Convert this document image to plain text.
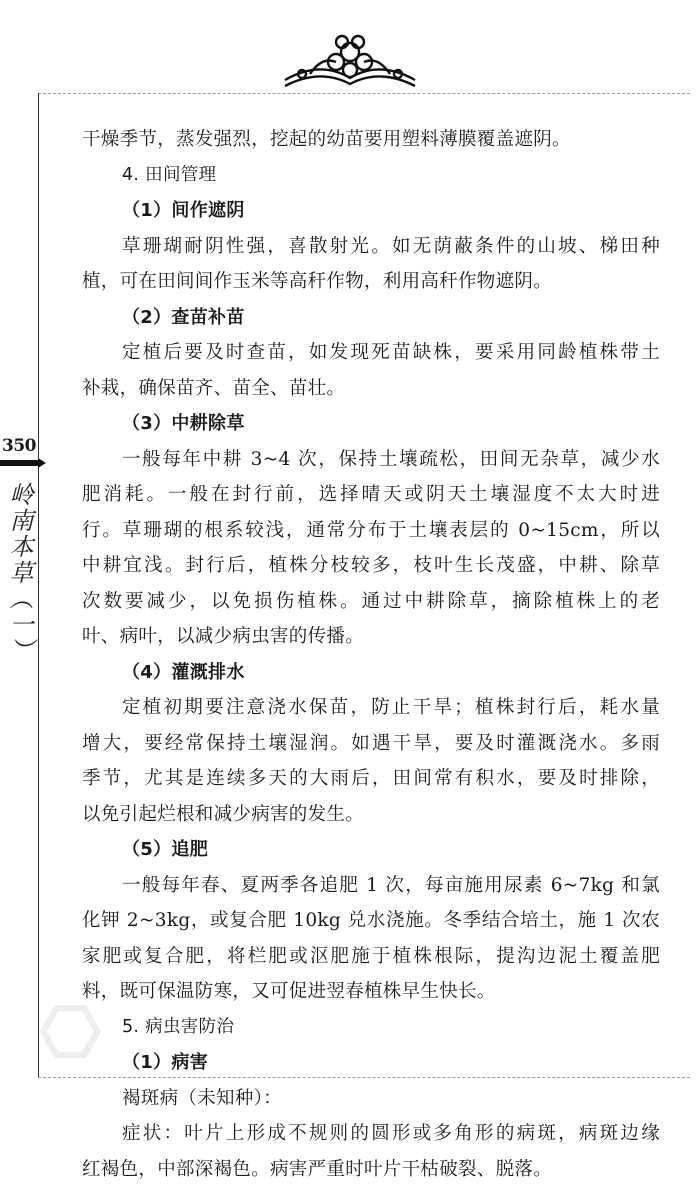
350
岭南本草（一）
⬡
干燥季节，蒸发强烈，挖起的幼苗要用塑料薄膜覆盖遮阴。
4. 田间管理
（1）间作遮阴
草珊瑚耐阴性强，喜散射光。如无荫蔽条件的山坡、梯田种
植，可在田间间作玉米等高秆作物，利用高秆作物遮阴。
（2）查苗补苗
定植后要及时查苗，如发现死苗缺株，要采用同龄植株带土
补栽，确保苗齐、苗全、苗壮。
（3）中耕除草
一般每年中耕 3~4 次，保持土壤疏松，田间无杂草，减少水
肥消耗。一般在封行前，选择晴天或阴天土壤湿度不太大时进
行。草珊瑚的根系较浅，通常分布于土壤表层的 0~15cm，所以
中耕宜浅。封行后，植株分枝较多，枝叶生长茂盛，中耕、除草
次数要减少，以免损伤植株。通过中耕除草，摘除植株上的老
叶、病叶，以减少病虫害的传播。
（4）灌溉排水
定植初期要注意浇水保苗，防止干旱；植株封行后，耗水量
增大，要经常保持土壤湿润。如遇干旱，要及时灌溉浇水。多雨
季节，尤其是连续多天的大雨后，田间常有积水，要及时排除，
以免引起烂根和减少病害的发生。
（5）追肥
一般每年春、夏两季各追肥 1 次，每亩施用尿素 6~7kg 和氯
化钾 2~3kg，或复合肥 10kg 兑水浇施。冬季结合培土，施 1 次农
家肥或复合肥，将栏肥或沤肥施于植株根际，提沟边泥土覆盖肥
料，既可保温防寒，又可促进翌春植株早生快长。
5. 病虫害防治
（1）病害
褐斑病（未知种）：
症状：叶片上形成不规则的圆形或多角形的病斑，病斑边缘
红褐色，中部深褐色。病害严重时叶片干枯破裂、脱落。
